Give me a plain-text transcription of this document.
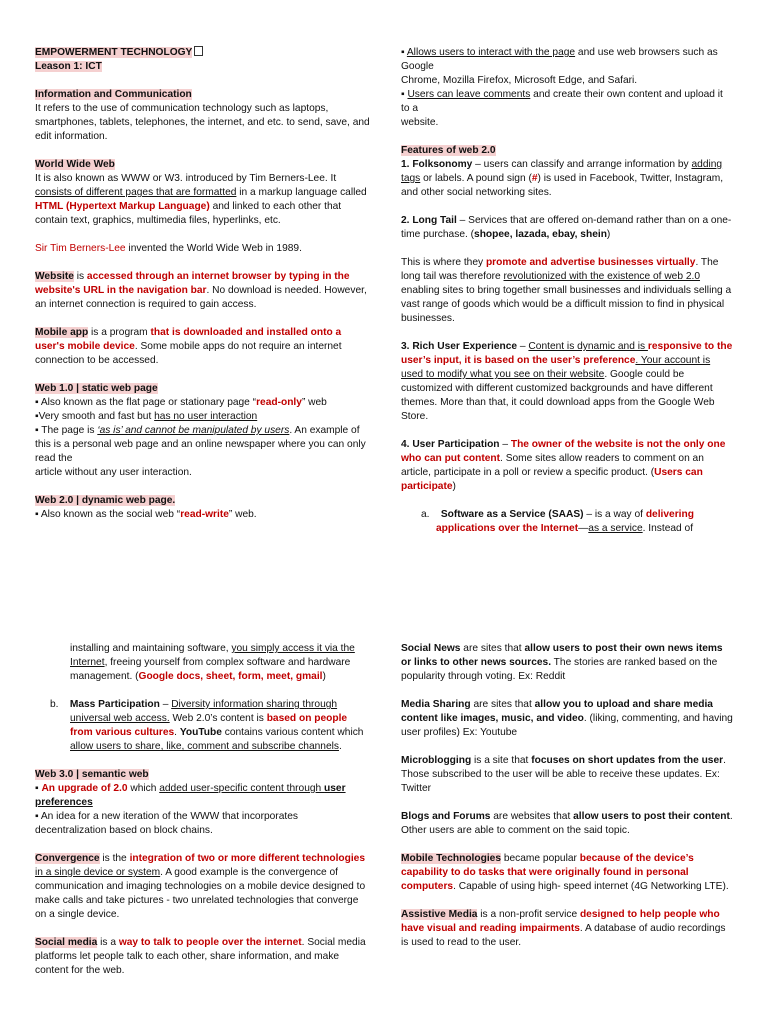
EMPOWERMENT TECHNOLOGY
Leason 1: ICT

Information and Communication
It refers to the use of communication technology such as laptops, smartphones, tablets, telephones, the internet, and etc. to send, save, and edit information.

World Wide Web
It is also known as WWW or W3. introduced by Tim Berners-Lee. It consists of different pages that are formatted in a markup language called HTML (Hypertext Markup Language) and linked to each other that contain text, graphics, multimedia files, hyperlinks, etc.

Sir Tim Berners-Lee invented the World Wide Web in 1989.

Website is accessed through an internet browser by typing in the website's URL in the navigation bar. No download is needed. However, an internet connection is required to gain access.

Mobile app is a program that is downloaded and installed onto a user's mobile device. Some mobile apps do not require an internet connection to be accessed.

Web 1.0 | static web page
▪ Also known as the flat page or stationary page “read-only” web
▪Very smooth and fast but has no user interaction
▪ The page is ‘as is’ and cannot be manipulated by users. An example of this is a personal web page and an online newspaper where you can only read the
article without any user interaction.

Web 2.0 | dynamic web page.
▪ Also known as the social web “read-write” web.

▪ Allows users to interact with the page and use web browsers such as Google
Chrome, Mozilla Firefox, Microsoft Edge, and Safari.
▪ Users can leave comments and create their own content and upload it to a
website.

Features of web 2.0
1. Folksonomy – users can classify and arrange information by adding tags or labels. A pound sign (#) is used in Facebook, Twitter, Instagram, and other social networking sites.

2. Long Tail – Services that are offered on-demand rather than on a one-time purchase. (shopee, lazada, ebay, shein)

This is where they promote and advertise businesses virtually. The long tail was therefore revolutionized with the existence of web 2.0 enabling sites to bring together small businesses and individuals selling a vast range of goods which would be a difficult mission to find in physical businesses.

3. Rich User Experience – Content is dynamic and is responsive to the user’s input, it is based on the user’s preference. Your account is used to modify what you see on their website. Google could be customized with different customized backgrounds and have different themes. More than that, it could download apps from the Google Web Store.

4. User Participation – The owner of the website is not the only one who can put content. Some sites allow readers to comment on an article, participate in a poll or review a specific product. (Users can participate)

a. Software as a Service (SAAS) – is a way of delivering applications over the Internet—as a service. Instead of

installing and maintaining software, you simply access it via the Internet, freeing yourself from complex software and hardware management. (Google docs, sheet, form, meet, gmail)

b. Mass Participation – Diversity information sharing through universal web access. Web 2.0’s content is based on people from various cultures. YouTube contains various content which allow users to share, like, comment and subscribe channels.

Web 3.0 | semantic web
▪ An upgrade of 2.0 which added user-specific content through user preferences
▪ An idea for a new iteration of the WWW that incorporates decentralization based on block chains.

Convergence is the integration of two or more different technologies
in a single device or system. A good example is the convergence of communication and imaging technologies on a mobile device designed to make calls and take pictures - two unrelated technologies that converge on a single device.

Social media is a way to talk to people over the internet. Social media platforms let people talk to each other, share information, and make content for the web.

Social News are sites that allow users to post their own news items or links to other news sources. The stories are ranked based on the popularity through voting. Ex: Reddit

Media Sharing are sites that allow you to upload and share media content like images, music, and video. (liking, commenting, and having user profiles) Ex: Youtube

Microblogging is a site that focuses on short updates from the user. Those subscribed to the user will be able to receive these updates. Ex: Twitter

Blogs and Forums are websites that allow users to post their content. Other users are able to comment on the said topic.

Mobile Technologies became popular because of the device’s capability to do tasks that were originally found in personal computers. Capable of using high- speed internet (4G Networking LTE).

Assistive Media is a non-profit service designed to help people who have visual and reading impairments. A database of audio recordings is used to read to the user.
